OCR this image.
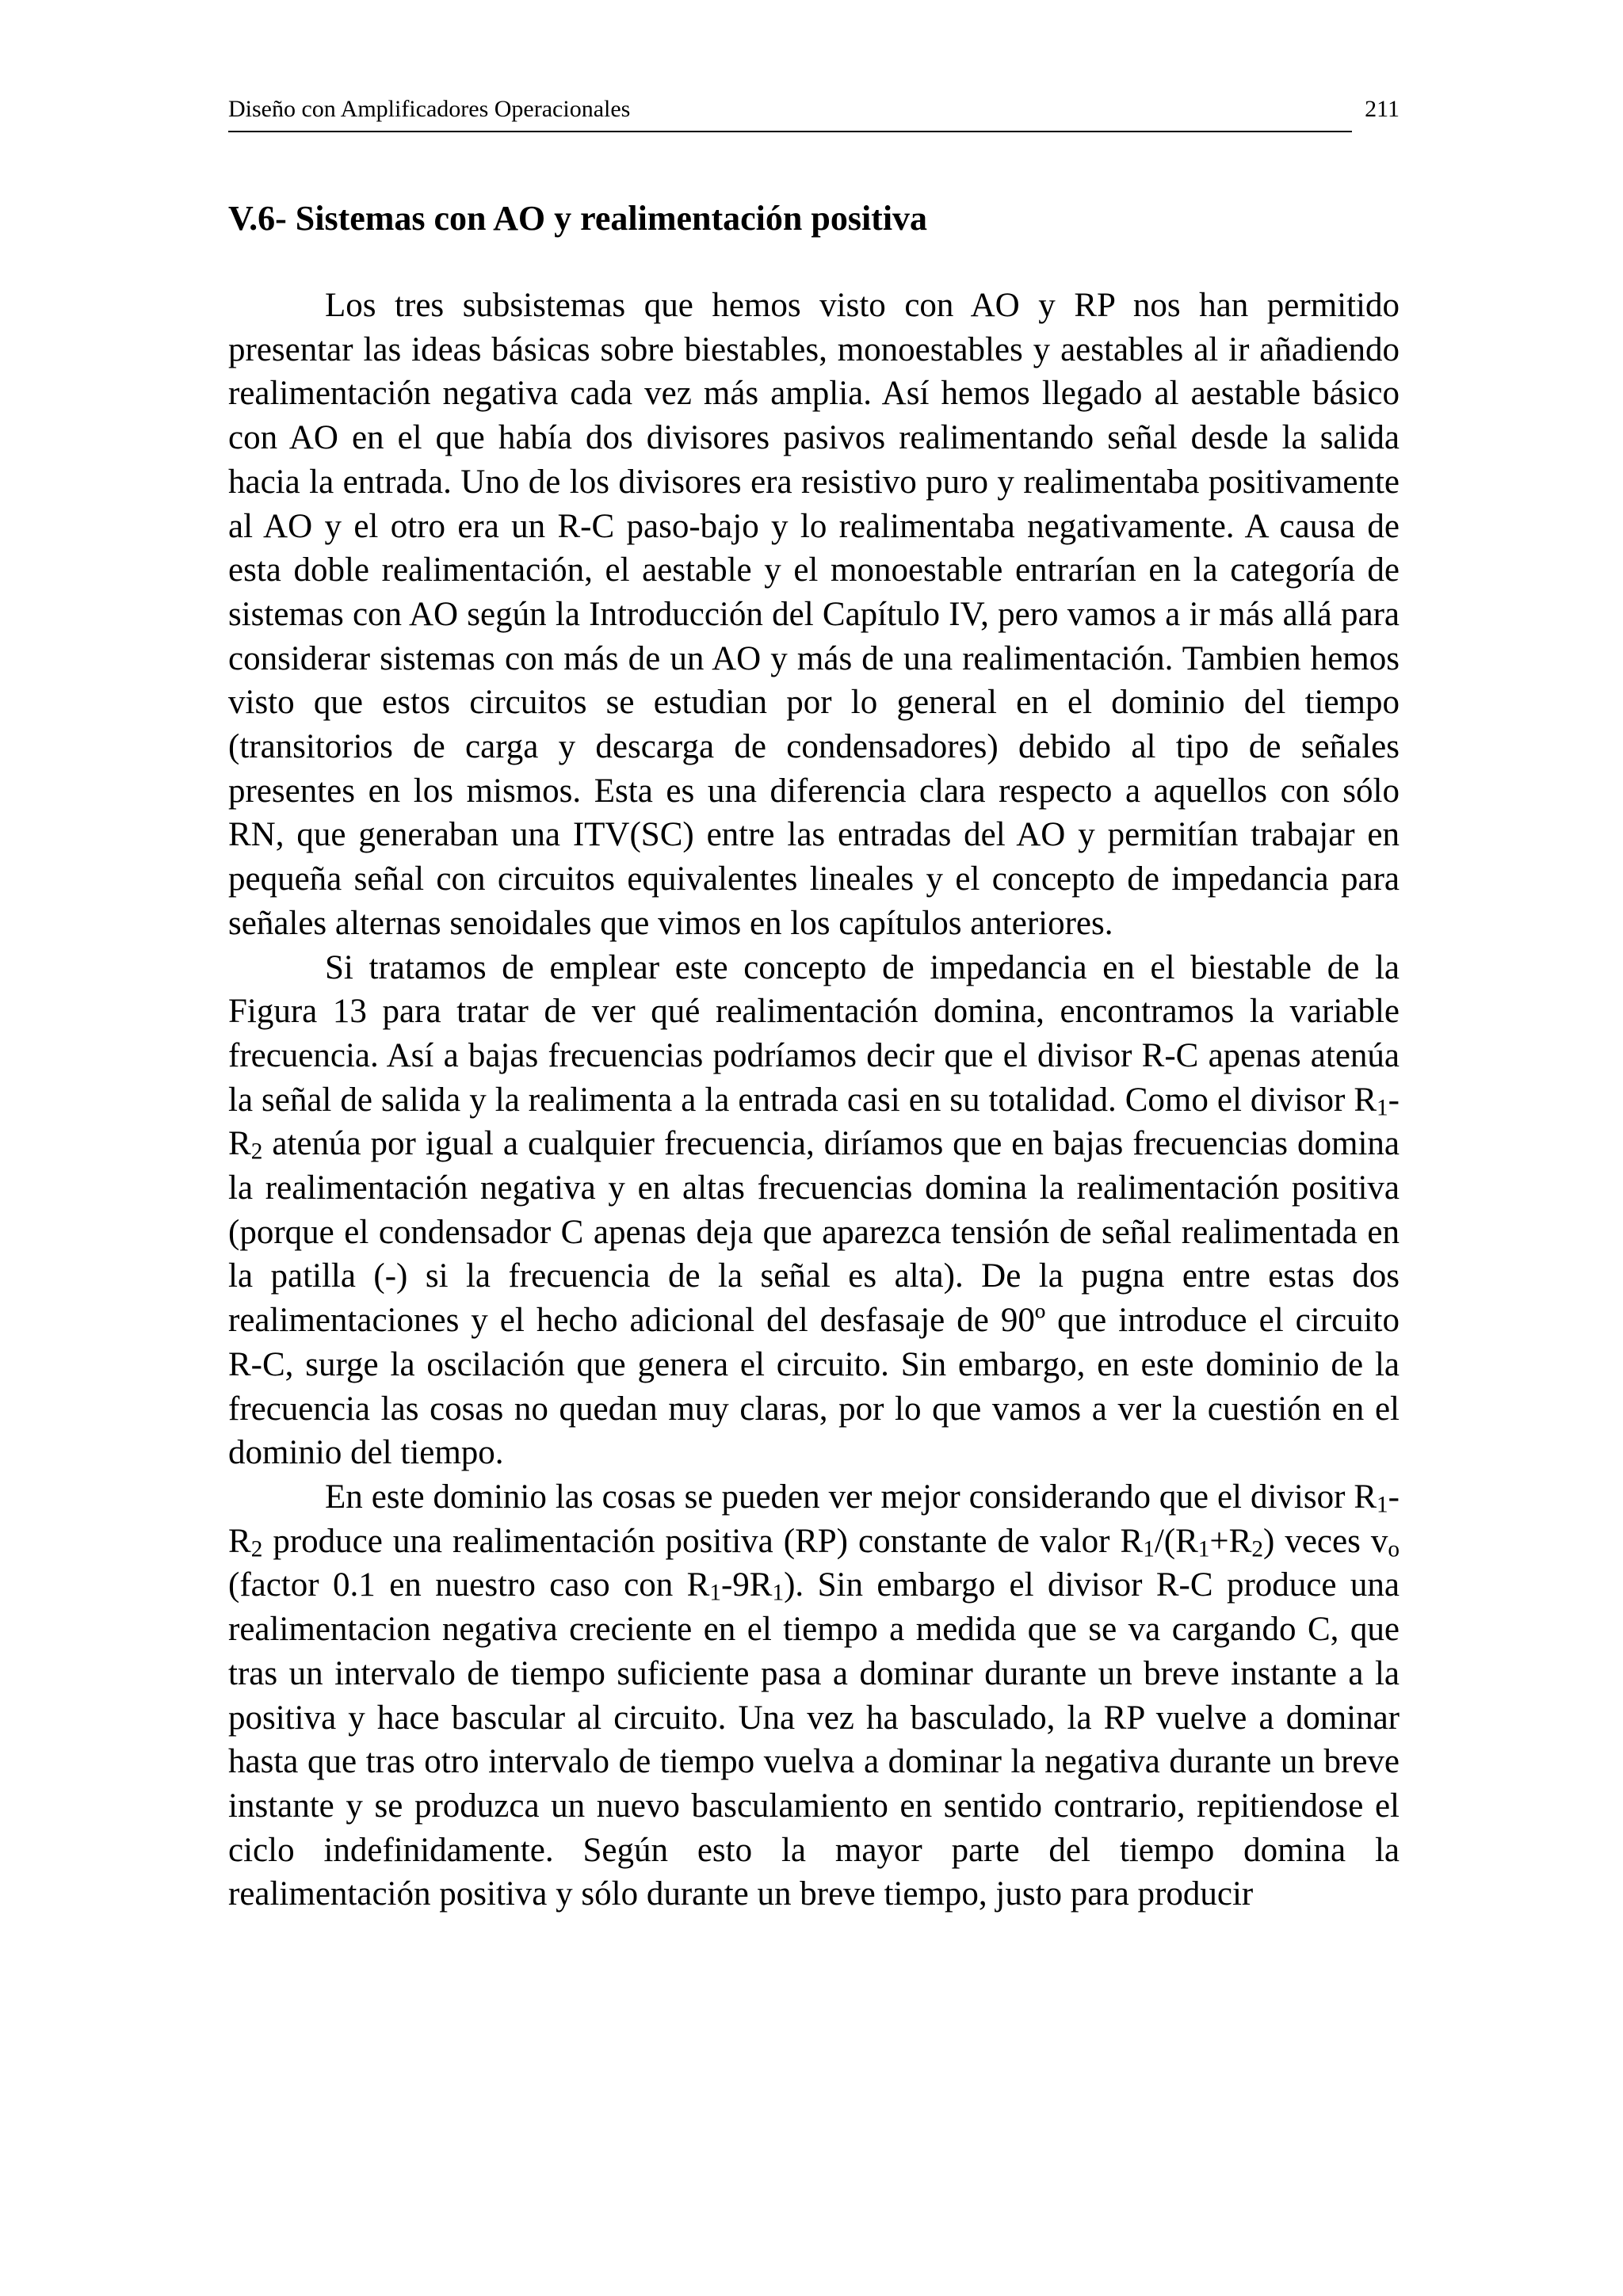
Diseño con Amplificadores Operacionales	211
V.6- Sistemas con AO y realimentación positiva

Los tres subsistemas que hemos visto con AO y RP nos han permitido presentar las ideas básicas sobre biestables, monoestables y aestables al ir añadiendo realimentación negativa cada vez más amplia. Así hemos llegado al aestable básico con AO en el que había dos divisores pasivos realimentando señal desde la salida hacia la entrada. Uno de los divisores era resistivo puro y realimentaba positivamente al AO y el otro era un R-C paso-bajo y lo realimentaba negativamente. A causa de esta doble realimentación, el aestable y el monoestable entrarían en la categoría de sistemas con AO según la Introducción del Capítulo IV, pero vamos a ir más allá para considerar sistemas con más de un AO y más de una realimentación. Tambien hemos visto que estos circuitos se estudian por lo general en el dominio del tiempo (transitorios de carga y descarga de condensadores) debido al tipo de señales presentes en los mismos. Esta es una diferencia clara respecto a aquellos con sólo RN, que generaban una ITV(SC) entre las entradas del AO y permitían trabajar en pequeña señal con circuitos equivalentes lineales y el concepto de impedancia para señales alternas senoidales que vimos en los capítulos anteriores.

Si tratamos de emplear este concepto de impedancia en el biestable de la Figura 13 para tratar de ver qué realimentación domina, encontramos la variable frecuencia. Así a bajas frecuencias podríamos decir que el divisor R-C apenas atenúa la señal de salida y la realimenta a la entrada casi en su totalidad. Como el divisor $R_1-R_2$ atenúa por igual a cualquier frecuencia, diríamos que en bajas frecuencias domina la realimentación negativa y en altas frecuencias domina la realimentación positiva (porque el condensador C apenas deja que aparezca tensión de señal realimentada en la patilla (-) si la frecuencia de la señal es alta). De la pugna entre estas dos realimentaciones y el hecho adicional del desfasaje de 90º que introduce el circuito R-C, surge la oscilación que genera el circuito. Sin embargo, en este dominio de la frecuencia las cosas no quedan muy claras, por lo que vamos a ver la cuestión en el dominio del tiempo.

En este dominio las cosas se pueden ver mejor considerando que el divisor $R_1-R_2$ produce una realimentación positiva (RP) constante de valor $R_1/(R_1+R_2)$ veces $v_o$ (factor 0.1 en nuestro caso con $R_1-9R_1$). Sin embargo el divisor R-C produce una realimentacion negativa creciente en el tiempo a medida que se va cargando C, que tras un intervalo de tiempo suficiente pasa a dominar durante un breve instante a la positiva y hace bascular al circuito. Una vez ha basculado, la RP vuelve a dominar hasta que tras otro intervalo de tiempo vuelva a dominar la negativa durante un breve instante y se produzca un nuevo basculamiento en sentido contrario, repitiendose el ciclo indefinidamente. Según esto la mayor parte del tiempo domina la realimentación positiva y sólo durante un breve tiempo, justo para producir
